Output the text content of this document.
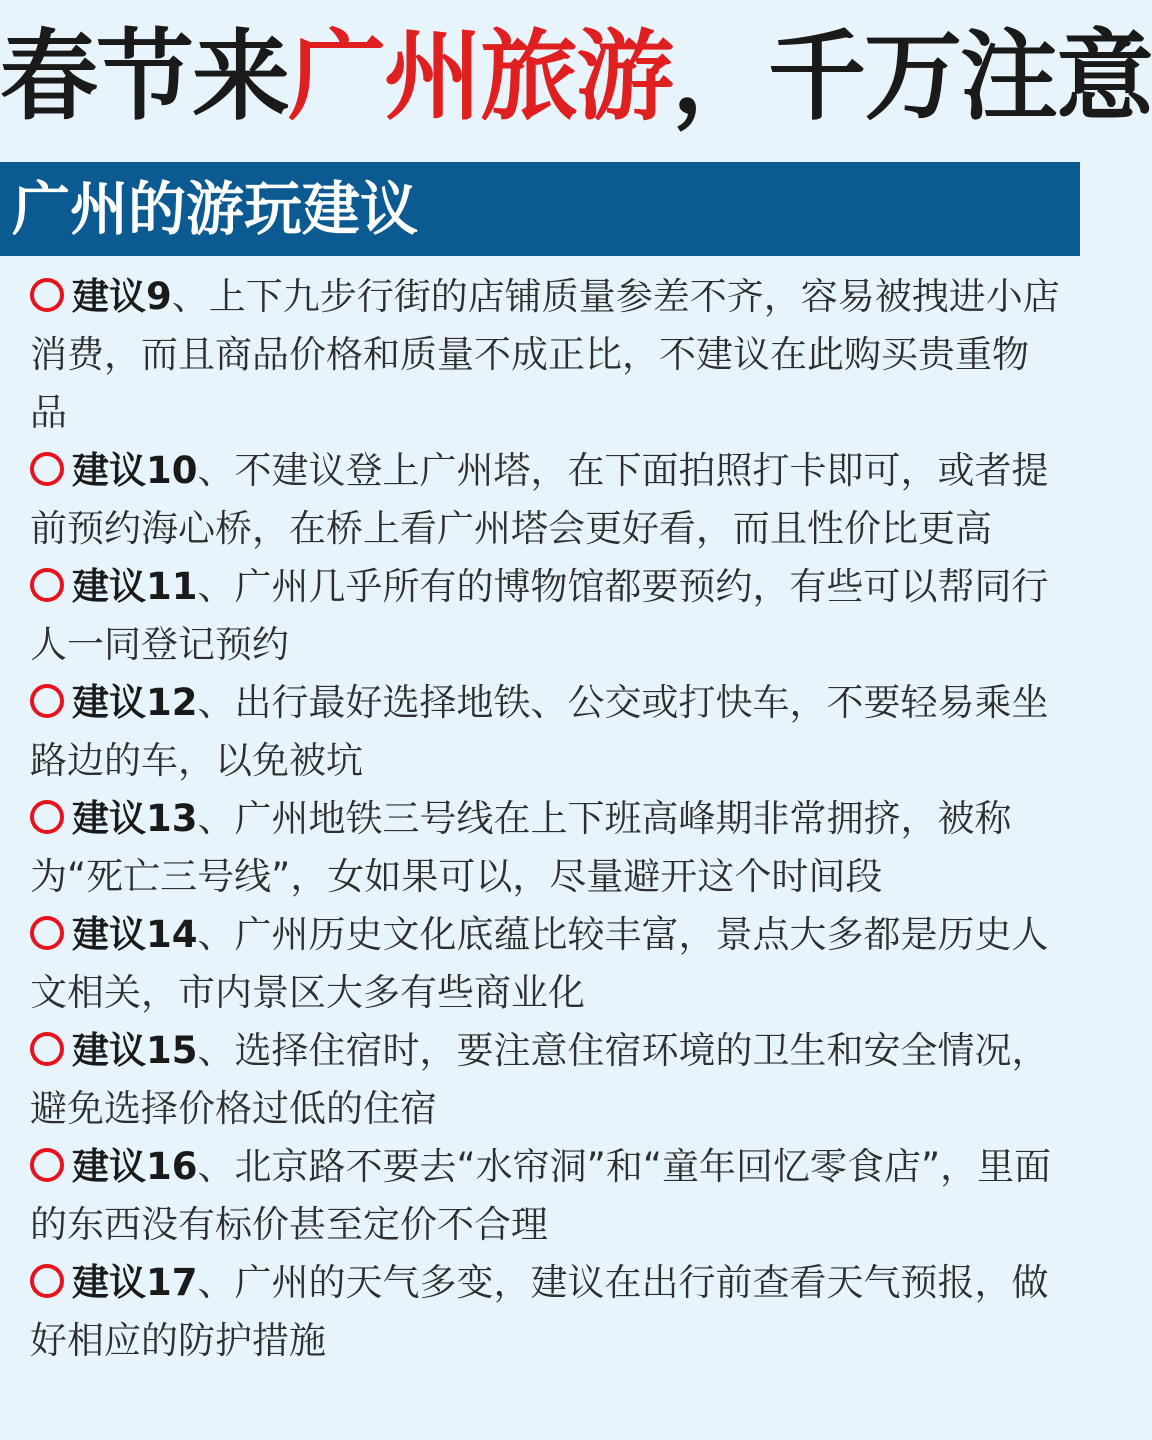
春节来广州旅游，千万注意
广州的游玩建议

建议9、上下九步行街的店铺质量参差不齐，容易被拽进小店消费，而且商品价格和质量不成正比，不建议在此购买贵重物品

建议10、不建议登上广州塔，在下面拍照打卡即可，或者提前预约海心桥，在桥上看广州塔会更好看，而且性价比更高

建议11、广州几乎所有的博物馆都要预约，有些可以帮同行人一同登记预约

建议12、出行最好选择地铁、公交或打快车，不要轻易乘坐路边的车，以免被坑

建议13、广州地铁三号线在上下班高峰期非常拥挤，被称为“死亡三号线”，女如果可以，尽量避开这个时间段

建议14、广州历史文化底蕴比较丰富，景点大多都是历史人文相关，市内景区大多有些商业化

建议15、选择住宿时，要注意住宿环境的卫生和安全情况，避免选择价格过低的住宿

建议16、北京路不要去“水帘洞”和“童年回忆零食店”，里面的东西没有标价甚至定价不合理

建议17、广州的天气多变，建议在出行前查看天气预报，做好相应的防护措施
